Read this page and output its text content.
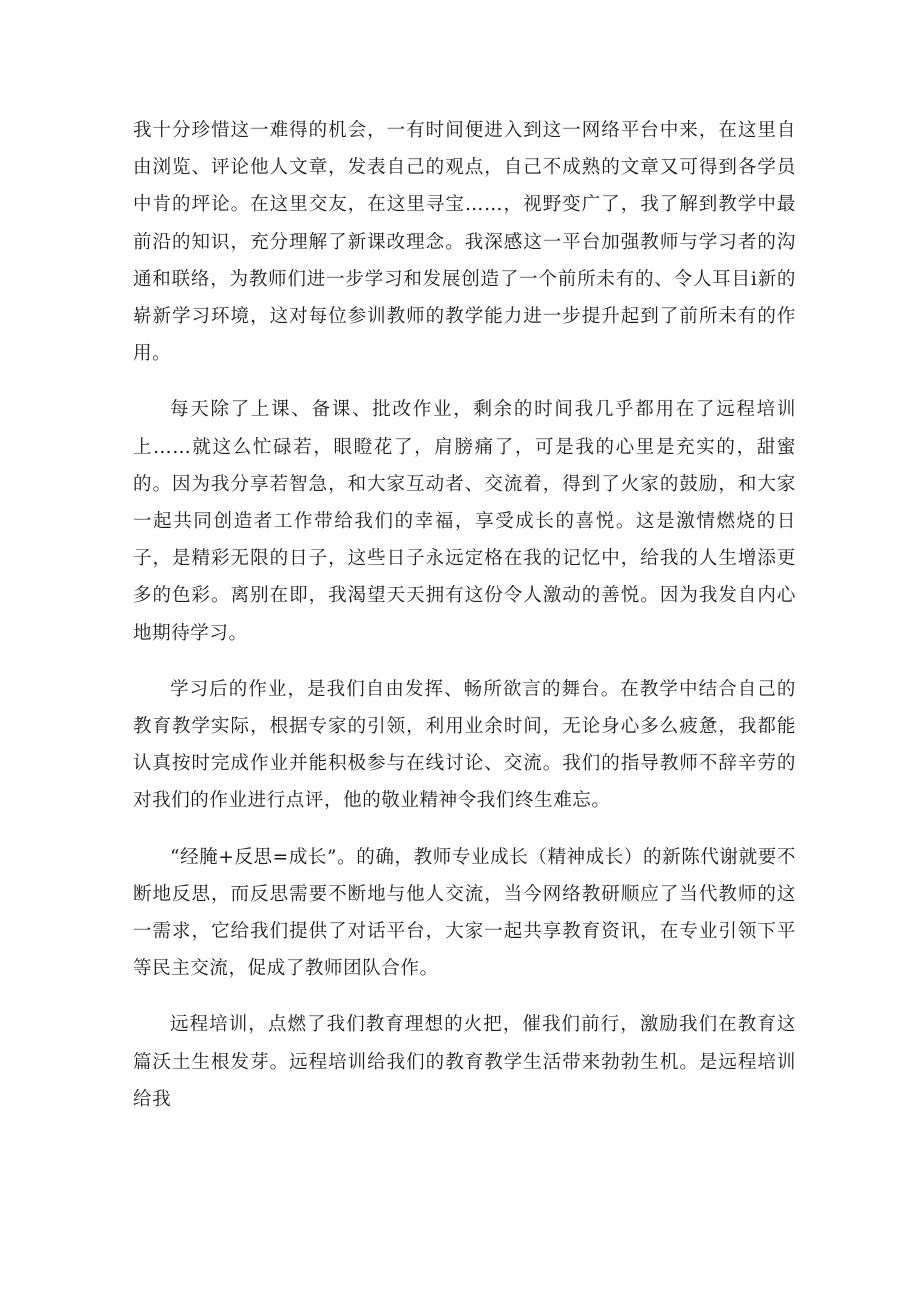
我十分珍惜这一难得的机会，一有时间便进入到这一网络平台中来，在这里自由浏览、评论他人文章，发表自己的观点，自己不成熟的文章又可得到各学员中肯的坪论。在这里交友，在这里寻宝……，视野变广了，我了解到教学中最前沿的知识，充分理解了新课改理念。我深感这一平台加强教师与学习者的沟通和联络，为教师们进一步学习和发展创造了一个前所未有的、令人耳目i新的崭新学习环境，这对每位参训教师的教学能力进一步提升起到了前所未有的作用。

每天除了上课、备课、批改作业，剩余的时间我几乎都用在了远程培训上……就这么忙碌若，眼瞪花了，肩膀痛了，可是我的心里是充实的，甜蜜的。因为我分享若智急，和大家互动者、交流着，得到了火家的鼓励，和大家一起共同创造者工作带给我们的幸福，享受成长的喜悦。这是激情燃烧的日子，是精彩无限的日子，这些日子永远定格在我的记忆中，给我的人生增添更多的色彩。离别在即，我渴望天天拥有这份令人激动的善悦。因为我发自内心地期待学习。

学习后的作业，是我们自由发挥、畅所欲言的舞台。在教学中结合自己的教育教学实际，根据专家的引领，利用业余时间，无论身心多么疲惫，我都能认真按时完成作业并能积极参与在线讨论、交流。我们的指导教师不辞辛劳的对我们的作业进行点评，他的敬业精神令我们终生难忘。

“经腌+反思=成长”。的确，教师专业成长（精神成长）的新陈代谢就要不断地反思，而反思需要不断地与他人交流，当今网络教研顺应了当代教师的这一需求，它给我们提供了对话平台，大家一起共享教育资讯，在专业引领下平等民主交流，促成了教师团队合作。

远程培训，点燃了我们教育理想的火把，催我们前行，激励我们在教育这篇沃土生根发芽。远程培训给我们的教育教学生活带来勃勃生机。是远程培训给我
